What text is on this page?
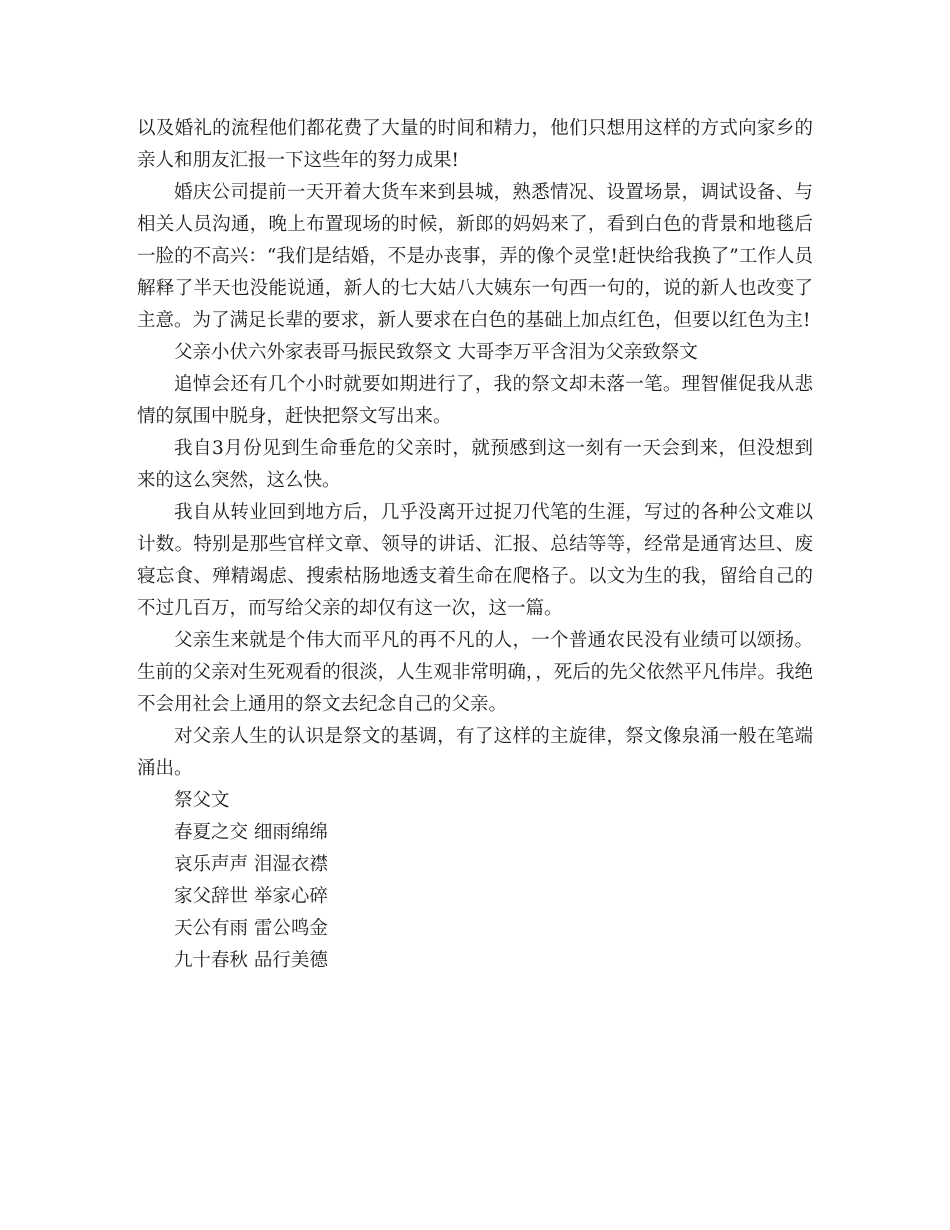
以及婚礼的流程他们都花费了大量的时间和精力，他们只想用这样的方式向家乡的亲人和朋友汇报一下这些年的努力成果!

婚庆公司提前一天开着大货车来到县城，熟悉情况、设置场景，调试设备、与相关人员沟通，晚上布置现场的时候，新郎的妈妈来了，看到白色的背景和地毯后一脸的不高兴：“我们是结婚，不是办丧事，弄的像个灵堂!赶快给我换了”工作人员解释了半天也没能说通，新人的七大姑八大姨东一句西一句的，说的新人也改变了主意。为了满足长辈的要求，新人要求在白色的基础上加点红色，但要以红色为主!

父亲小伏六外家表哥马振民致祭文 大哥李万平含泪为父亲致祭文

追悼会还有几个小时就要如期进行了，我的祭文却未落一笔。理智催促我从悲情的氛围中脱身，赶快把祭文写出来。

我自3月份见到生命垂危的父亲时，就预感到这一刻有一天会到来，但没想到来的这么突然，这么快。

我自从转业回到地方后，几乎没离开过捉刀代笔的生涯，写过的各种公文难以计数。特别是那些官样文章、领导的讲话、汇报、总结等等，经常是通宵达旦、废寝忘食、殚精竭虑、搜索枯肠地透支着生命在爬格子。以文为生的我，留给自己的不过几百万，而写给父亲的却仅有这一次，这一篇。

父亲生来就是个伟大而平凡的再不凡的人，一个普通农民没有业绩可以颂扬。生前的父亲对生死观看的很淡，人生观非常明确，，死后的先父依然平凡伟岸。我绝不会用社会上通用的祭文去纪念自己的父亲。

对父亲人生的认识是祭文的基调，有了这样的主旋律，祭文像泉涌一般在笔端涌出。

祭父文

春夏之交 细雨绵绵

哀乐声声 泪湿衣襟

家父辞世 举家心碎

天公有雨 雷公鸣金

九十春秋 品行美德
